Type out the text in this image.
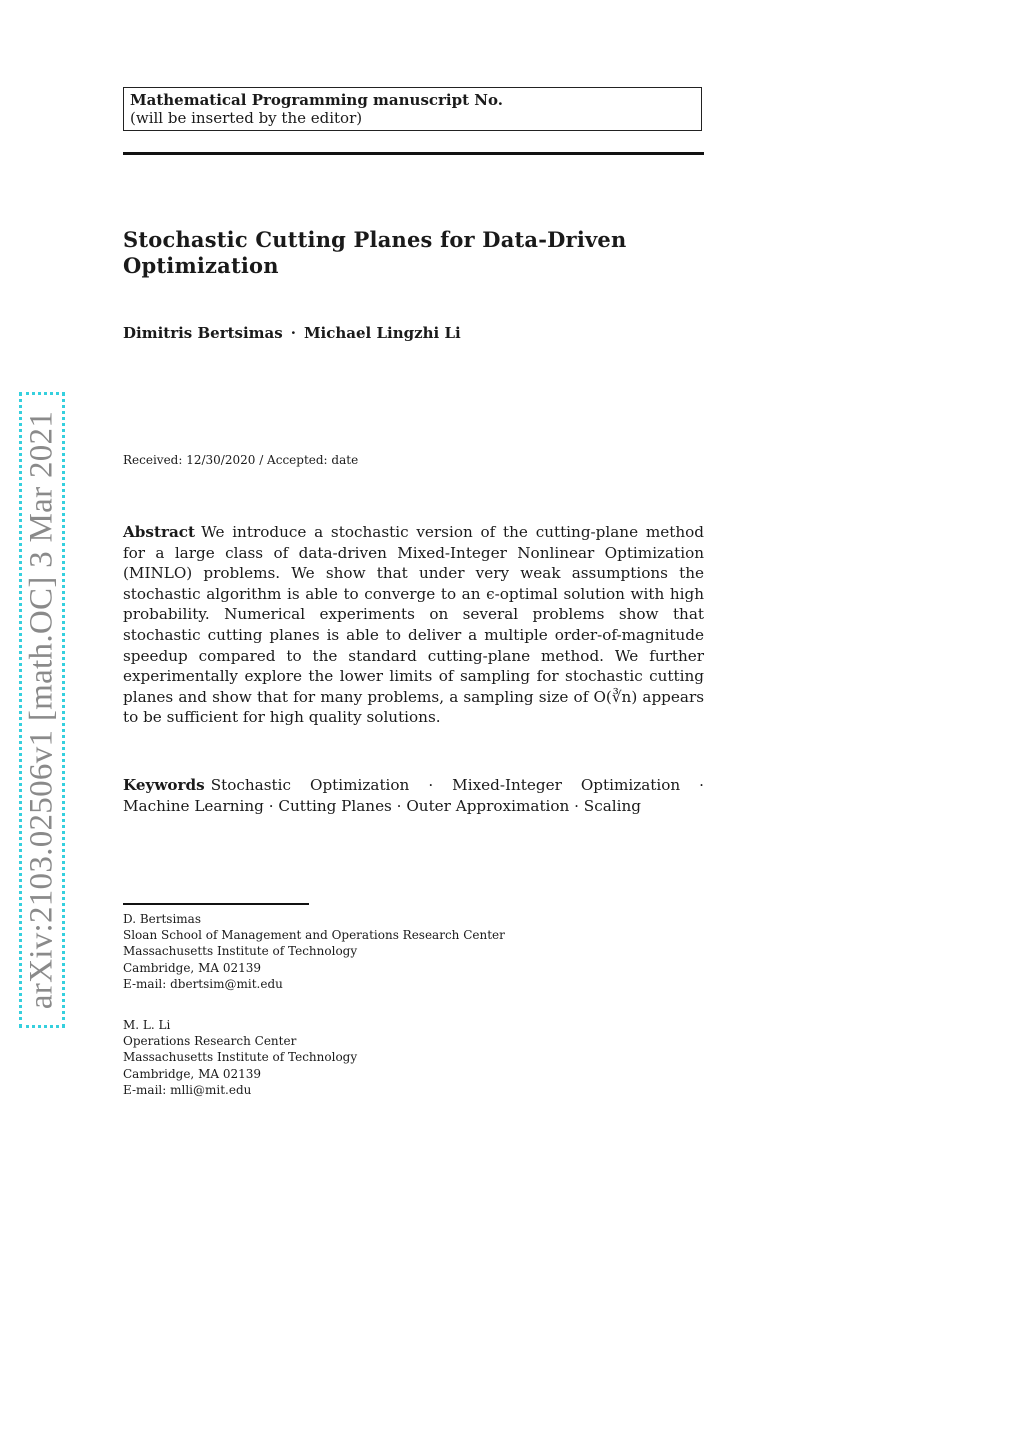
arXiv:2103.02506v1 [math.OC] 3 Mar 2021
Mathematical Programming manuscript No.
(will be inserted by the editor)
Stochastic Cutting Planes for Data-Driven Optimization
Dimitris Bertsimas · Michael Lingzhi Li
Received: 12/30/2020 / Accepted: date
Abstract We introduce a stochastic version of the cutting-plane method for a large class of data-driven Mixed-Integer Nonlinear Optimization (MINLO) problems. We show that under very weak assumptions the stochastic algorithm is able to converge to an ϵ-optimal solution with high probability. Numerical experiments on several problems show that stochastic cutting planes is able to deliver a multiple order-of-magnitude speedup compared to the standard cutting-plane method. We further experimentally explore the lower limits of sampling for stochastic cutting planes and show that for many problems, a sampling size of O(∛n) appears to be sufficient for high quality solutions.
Keywords Stochastic Optimization · Mixed-Integer Optimization · Machine Learning · Cutting Planes · Outer Approximation · Scaling
D. Bertsimas
Sloan School of Management and Operations Research Center
Massachusetts Institute of Technology
Cambridge, MA 02139
E-mail: dbertsim@mit.edu
M. L. Li
Operations Research Center
Massachusetts Institute of Technology
Cambridge, MA 02139
E-mail: mlli@mit.edu
